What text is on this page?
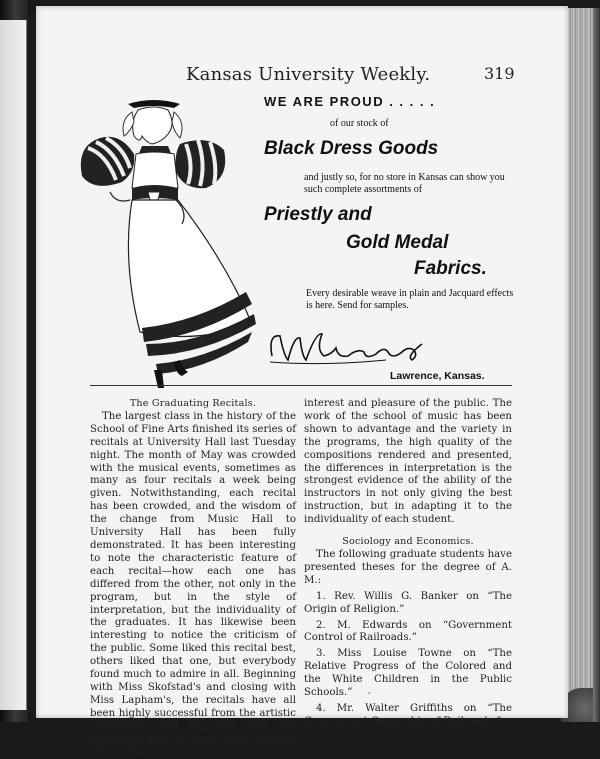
Kansas University Weekly.	319
WE ARE PROUD . . . . .
of our stock of
Black Dress Goods
and justly so, for no store in Kansas can show you such complete assortments of
Priestly and
Gold Medal
Fabrics.
Every desirable weave in plain and Jacquard effects is here. Send for samples.
Lawrence, Kansas.

The Graduating Recitals.

The largest class in the history of the School of Fine Arts finished its series of recitals at University Hall last Tuesday night. The month of May was crowded with the musical events, sometimes as many as four recitals a week being given. Notwithstanding, each recital has been crowded, and the wisdom of the change from Music Hall to University Hall has been fully demonstrated. It has been interesting to note the characteristic feature of each recital—how each one has differed from the other, not only in the program, but in the style of interpretation, but the individuality of the graduates. It has likewise been interesting to notice the criticism of the public. Some liked this recital best, others liked that one, but everybody found much to admire in all. Beginning with Miss Skofstad's and closing with Miss Lapham's, the recitals have all been highly successful from the artistic standpoint, and the fact that the audiences were so large every evening proved the

interest and pleasure of the public. The work of the school of music has been shown to advantage and the variety in the programs, the high quality of the compositions rendered and presented, the differences in interpretation is the strongest evidence of the ability of the instructors in not only giving the best instruction, but in adapting it to the individuality of each student.

Sociology and Economics.

The following graduate students have presented theses for the degree of A. M.:

1. Rev. Willis G. Banker on “The Origin of Religion.”

2. M. Edwards on “Government Control of Railroads.”

3. Miss Louise Towne on “The Relative Progress of the Colored and the White Children in the Public Schools.”

4. Mr. Walter Griffiths on “The Government Ownership of Railroads.”

,
